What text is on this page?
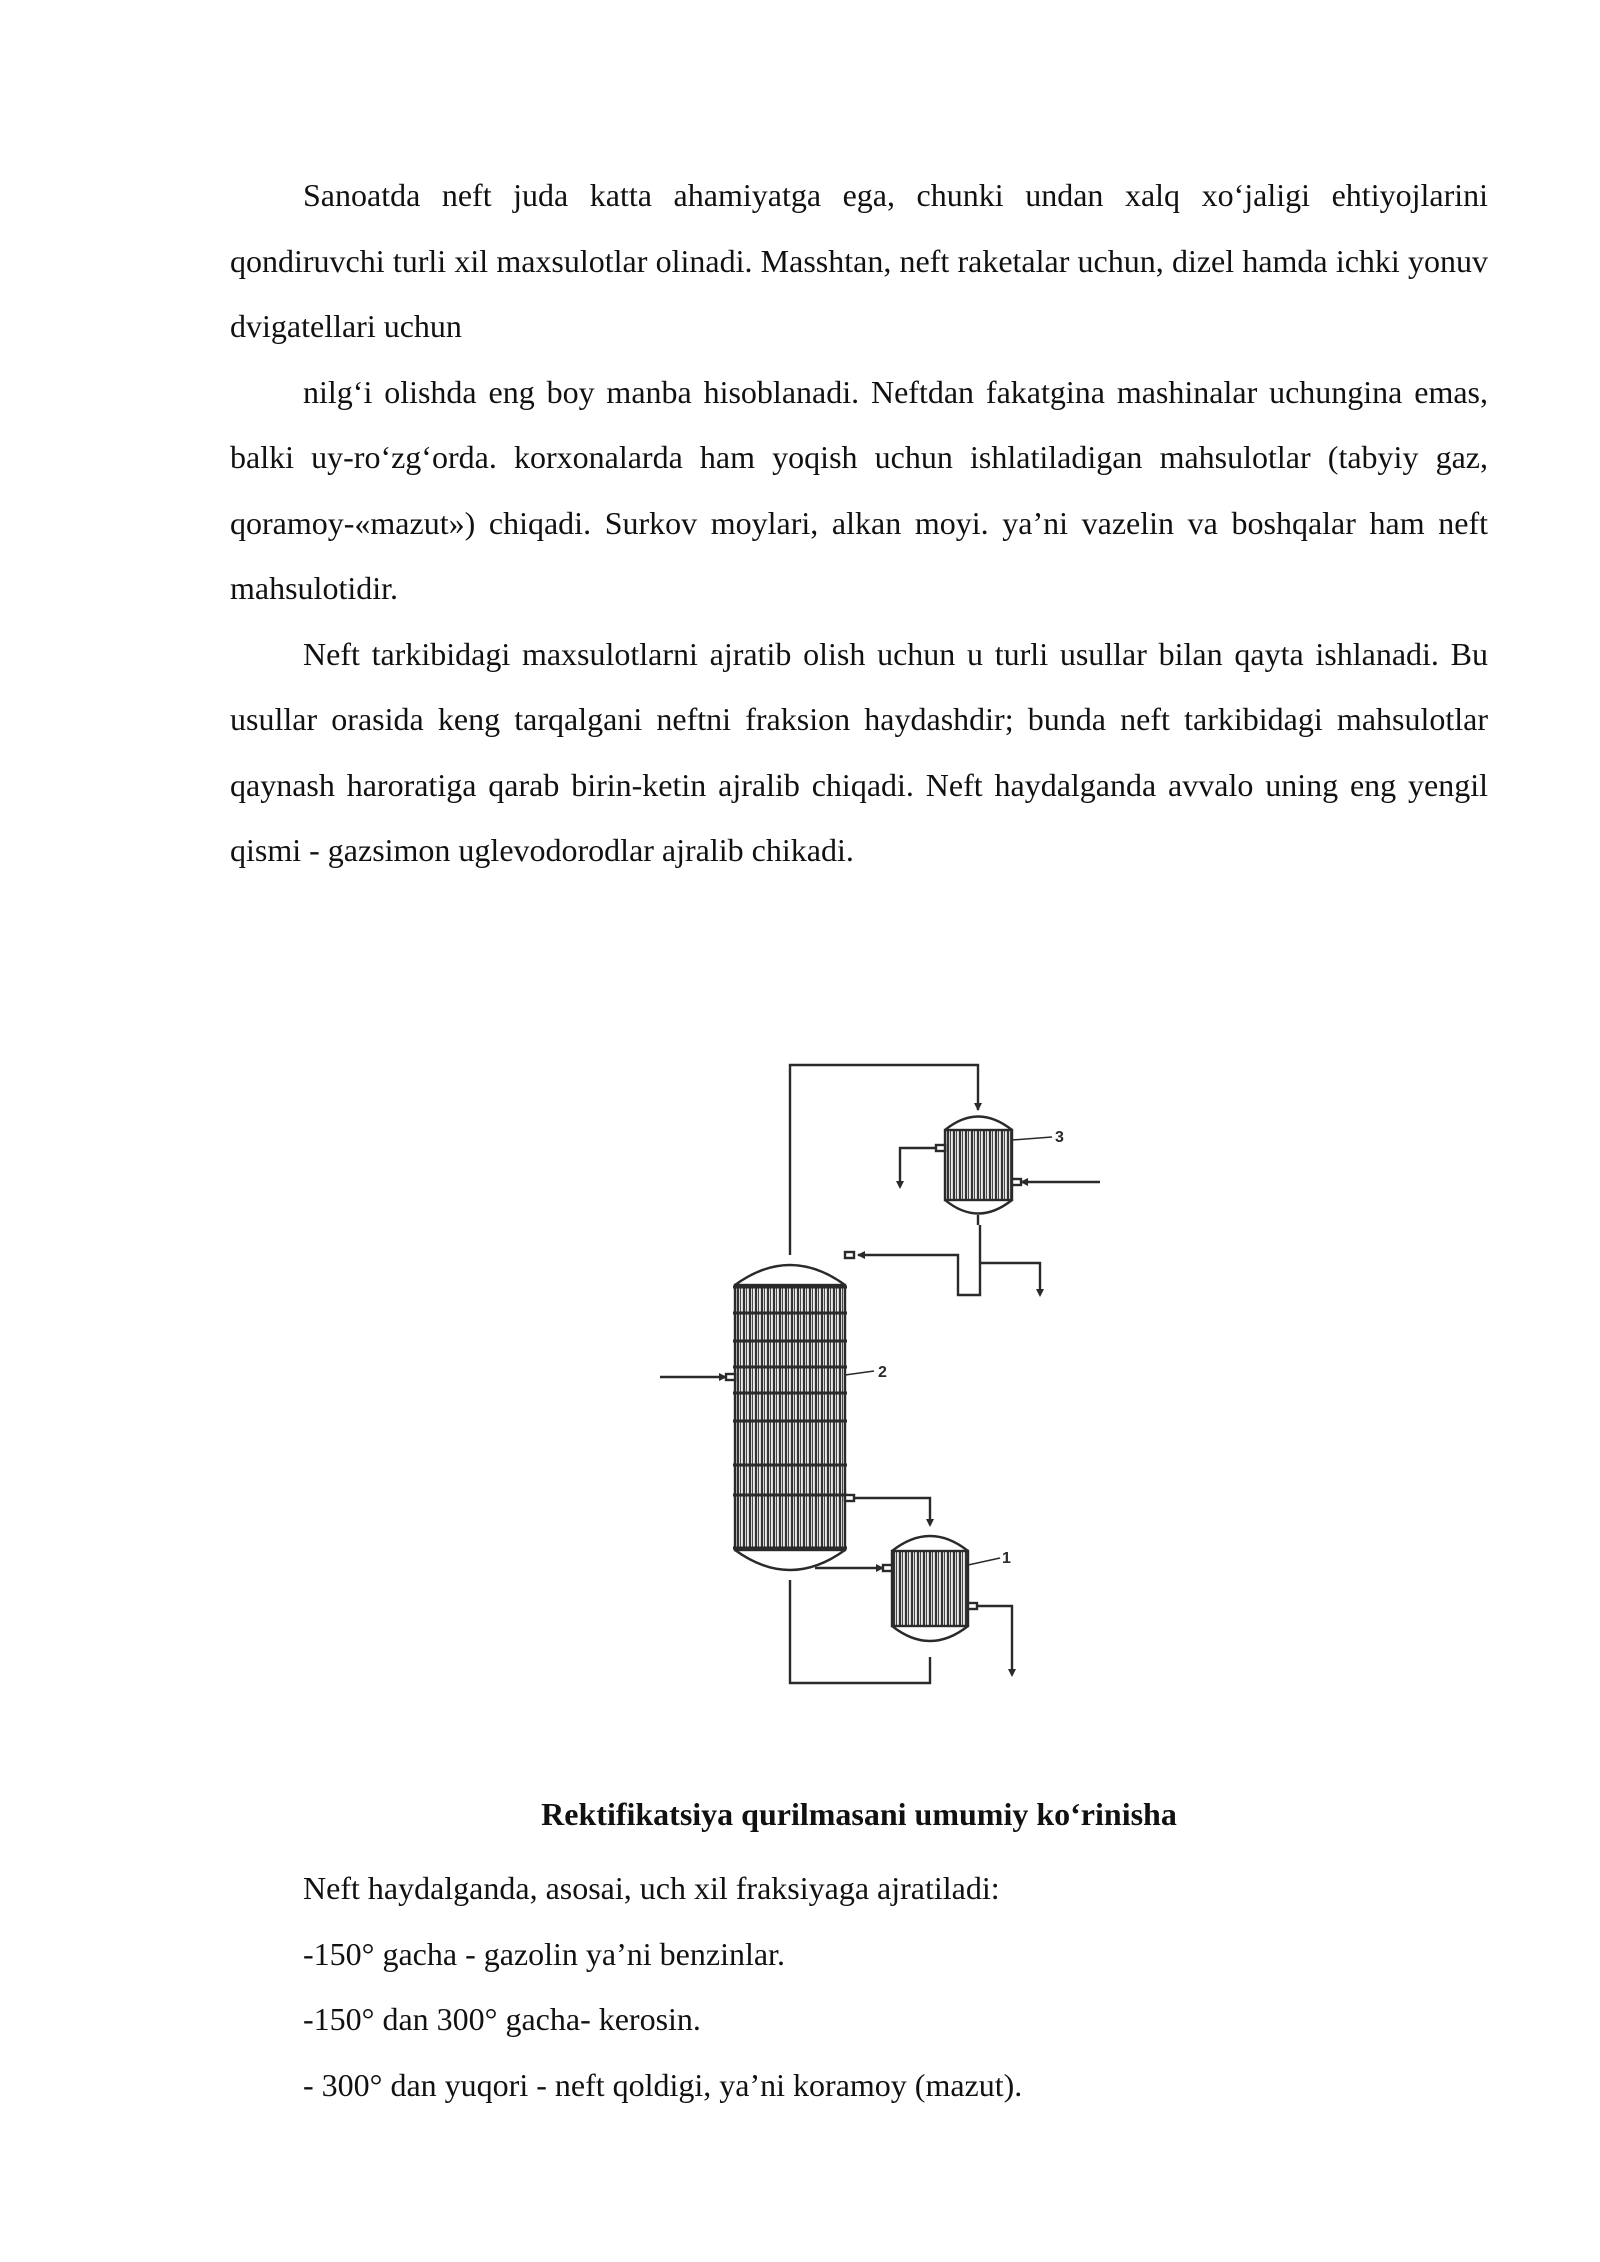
Sanoatda neft juda katta ahamiyatga ega, chunki undan xalq xo‘jaligi ehtiyojlarini qondiruvchi turli xil maxsulotlar olinadi. Masshtan, neft raketalar uchun, dizel hamda ichki yonuv dvigatellari uchun

nilg‘i olishda eng boy manba hisoblanadi. Neftdan fakatgina mashinalar uchungina emas, balki uy-ro‘zg‘orda. korxonalarda ham yoqish uchun ishlatiladigan mahsulotlar (tabyiy gaz, qoramoy-«mazut») chiqadi. Surkov moylari, alkan moyi. ya’ni vazelin va boshqalar ham neft mahsulotidir.

Neft tarkibidagi maxsulotlarni ajratib olish uchun u turli usullar bilan qayta ishlanadi. Bu usullar orasida keng tarqalgani neftni fraksion haydashdir; bunda neft tarkibidagi mahsulotlar qaynash haroratiga qarab birin-ketin ajralib chiqadi. Neft haydalganda avvalo uning eng yengil qismi - gazsimon uglevodorodlar ajralib chikadi.

3
2
1
Rektifikatsiya qurilmasani umumiy ko‘rinisha

Neft haydalganda, asosai, uch xil fraksiyaga ajratiladi:

-150° gacha - gazolin ya’ni benzinlar.

-150° dan 300° gacha- kerosin.

- 300° dan yuqori - neft qoldigi, ya’ni koramoy (mazut).
